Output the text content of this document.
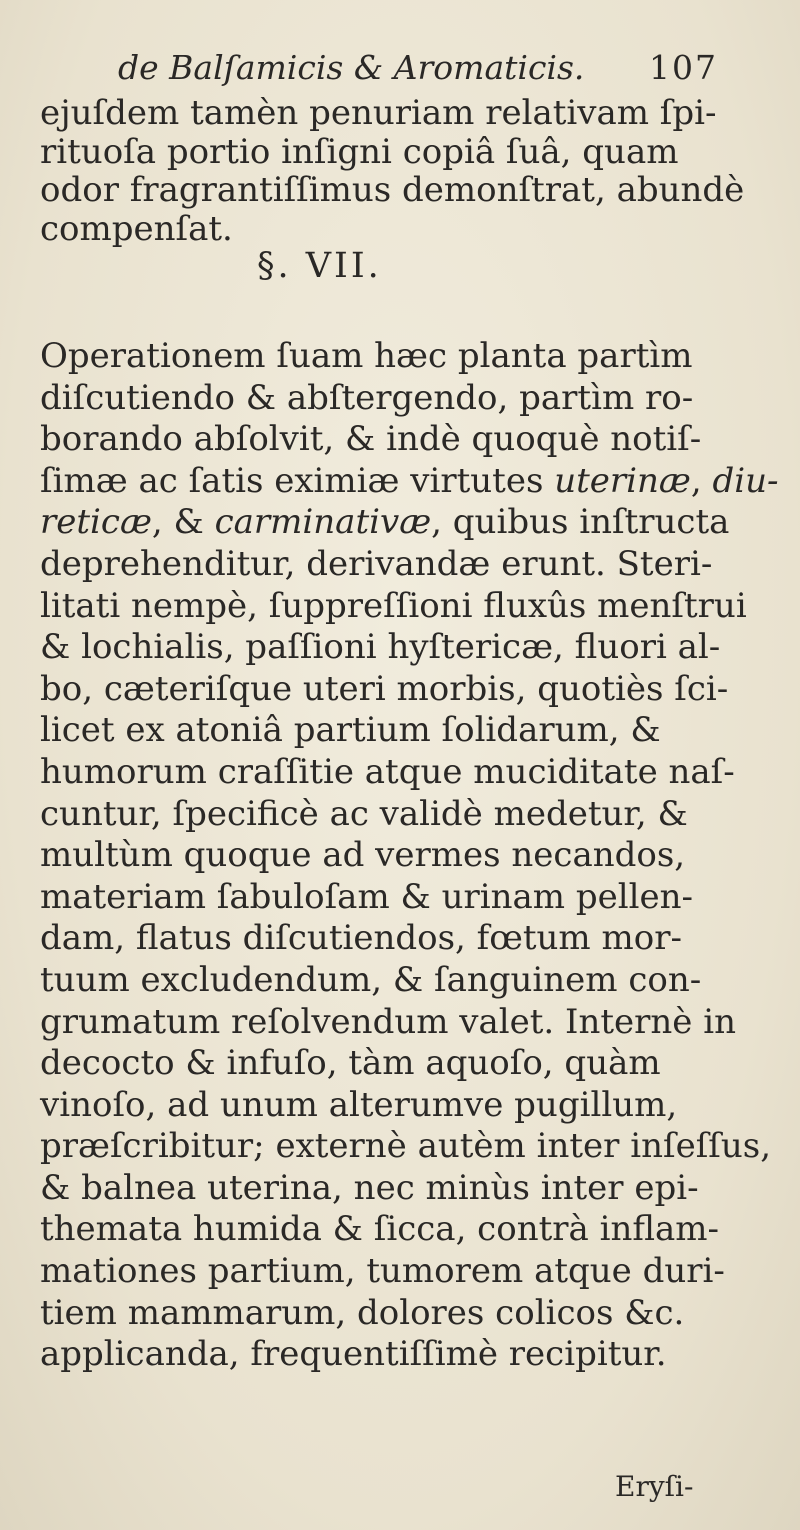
de Balſamicis & Aromaticis. 107
ejuſdem tamèn penuriam relativam ſpi-
rituoſa portio inſigni copiâ ſuâ, quam
odor fragrantiſſimus demonſtrat, abundè
compenſat.
§. VII.
Operationem ſuam hæc planta partìm
diſcutiendo & abſtergendo, partìm ro-
borando abſolvit, & indè quoquè notiſ-
ſimæ ac ſatis eximiæ virtutes uterinæ, diu-
reticæ, & carminativæ, quibus inſtructa
deprehenditur, derivandæ erunt. Steri-
litati nempè, ſuppreſſioni fluxûs menſtrui
& lochialis, paſſioni hyſtericæ, fluori al-
bo, cæteriſque uteri morbis, quotiès ſci-
licet ex atoniâ partium ſolidarum, &
humorum craſſitie atque muciditate naſ-
cuntur, ſpecificè ac validè medetur, &
multùm quoque ad vermes necandos,
materiam ſabuloſam & urinam pellen-
dam, flatus diſcutiendos, fœtum mor-
tuum excludendum, & ſanguinem con-
grumatum reſolvendum valet. Internè in
decocto & infuſo, tàm aquoſo, quàm
vinoſo, ad unum alterumve pugillum,
præſcribitur; externè autèm inter inſeſſus,
& balnea uterina, nec minùs inter epi-
themata humida & ſicca, contrà inflam-
mationes partium, tumorem atque duri-
tiem mammarum, dolores colicos &c.
applicanda, frequentiſſimè recipitur.
Eryſi-
